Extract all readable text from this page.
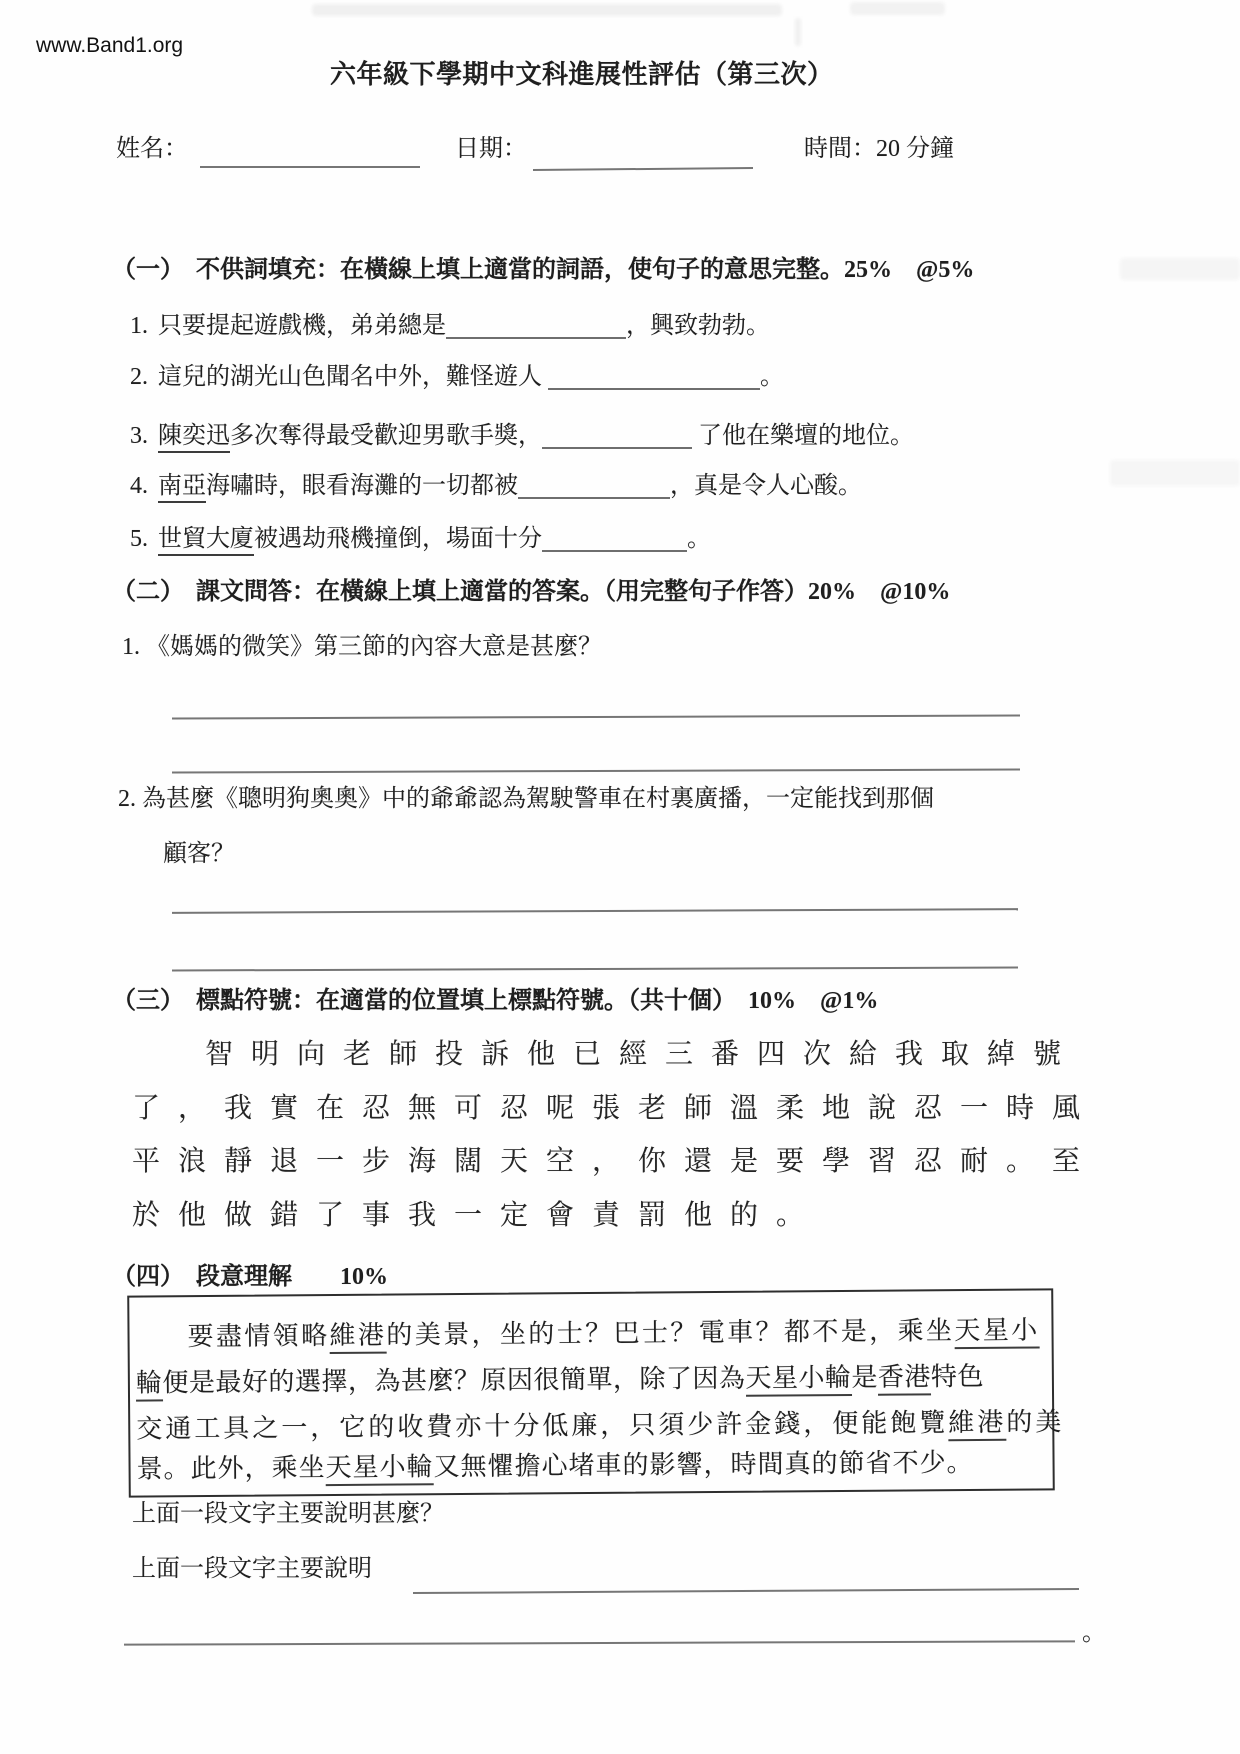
www.Band1.org
六年級下學期中文科進展性評估（第三次）
姓名：	日期：	時間：20 分鐘
（一）　不供詞填充：在橫線上填上適當的詞語，使句子的意思完整。25%　@5%
1. 只要提起遊戲機，弟弟總是	，興致勃勃。
2. 這兒的湖光山色聞名中外，難怪遊人	。
3. 陳奕迅多次奪得最受歡迎男歌手獎，	了他在樂壇的地位。
4. 南亞海嘯時，眼看海灘的一切都被	，真是令人心酸。
5. 世貿大廈被遇劫飛機撞倒，場面十分	。
（二）　課文問答：在橫線上填上適當的答案。（用完整句子作答）20%　@10%
1. 《媽媽的微笑》第三節的內容大意是甚麼？
2. 為甚麼《聰明狗奧奧》中的爺爺認為駕駛警車在村裏廣播，一定能找到那個
顧客？
（三）　標點符號：在適當的位置填上標點符號。（共十個）　10%　@1%
智明向老師投訴他已經三番四次給我取綽號
了，我實在忍無可忍呢張老師溫柔地說忍一時風
平浪靜退一步海闊天空，你還是要學習忍耐。至
於他做錯了事我一定會責罰他的。
（四）　段意理解　　10%
要盡情領略維港的美景，坐的士？巴士？電車？都不是，乘坐天星小
輪便是最好的選擇，為甚麼？原因很簡單，除了因為天星小輪是香港特色
交通工具之一，它的收費亦十分低廉，只須少許金錢，便能飽覽維港的美
景。此外，乘坐天星小輪又無懼擔心堵車的影響，時間真的節省不少。
上面一段文字主要說明甚麼？
上面一段文字主要說明
。
